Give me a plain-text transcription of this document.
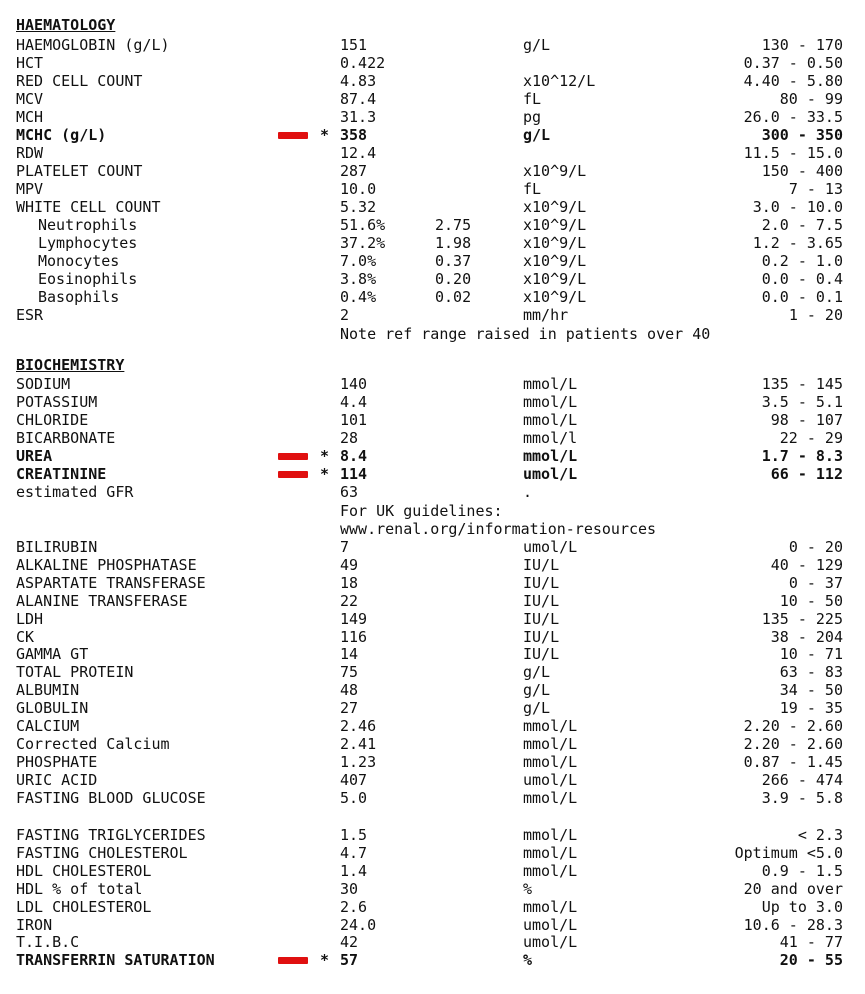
HAEMATOLOGY
BIOCHEMISTRY
Note ref range raised in patients over 40
For UK guidelines:
www.renal.org/information-resources
HAEMOGLOBIN (g/L)	151	g/L	130 - 170
HCT	0.422	0.37 - 0.50
RED CELL COUNT	4.83	x10^12/L	4.40 - 5.80
MCV	87.4	fL	80 - 99
MCH	31.3	pg	26.0 - 33.5
MCHC (g/L)	* 358	g/L	300 - 350
RDW	12.4	11.5 - 15.0
PLATELET COUNT	287	x10^9/L	150 - 400
MPV	10.0	fL	7 - 13
WHITE CELL COUNT	5.32	x10^9/L	3.0 - 10.0
Neutrophils	51.6%	2.75	x10^9/L	2.0 - 7.5
Lymphocytes	37.2%	1.98	x10^9/L	1.2 - 3.65
Monocytes	7.0%	0.37	x10^9/L	0.2 - 1.0
Eosinophils	3.8%	0.20	x10^9/L	0.0 - 0.4
Basophils	0.4%	0.02	x10^9/L	0.0 - 0.1
ESR	2	mm/hr	1 - 20
SODIUM	140	mmol/L	135 - 145
POTASSIUM	4.4	mmol/L	3.5 - 5.1
CHLORIDE	101	mmol/L	98 - 107
BICARBONATE	28	mmol/l	22 - 29
UREA	* 8.4	mmol/L	1.7 - 8.3
CREATININE	* 114	umol/L	66 - 112
estimated GFR	63	.
BILIRUBIN	7	umol/L	0 - 20
ALKALINE PHOSPHATASE	49	IU/L	40 - 129
ASPARTATE TRANSFERASE	18	IU/L	0 - 37
ALANINE TRANSFERASE	22	IU/L	10 - 50
LDH	149	IU/L	135 - 225
CK	116	IU/L	38 - 204
GAMMA GT	14	IU/L	10 - 71
TOTAL PROTEIN	75	g/L	63 - 83
ALBUMIN	48	g/L	34 - 50
GLOBULIN	27	g/L	19 - 35
CALCIUM	2.46	mmol/L	2.20 - 2.60
Corrected Calcium	2.41	mmol/L	2.20 - 2.60
PHOSPHATE	1.23	mmol/L	0.87 - 1.45
URIC ACID	407	umol/L	266 - 474
FASTING BLOOD GLUCOSE	5.0	mmol/L	3.9 - 5.8
FASTING TRIGLYCERIDES	1.5	mmol/L	< 2.3
FASTING CHOLESTEROL	4.7	mmol/L	Optimum <5.0
HDL CHOLESTEROL	1.4	mmol/L	0.9 - 1.5
HDL % of total	30	%	20 and over
LDL CHOLESTEROL	2.6	mmol/L	Up to 3.0
IRON	24.0	umol/L	10.6 - 28.3
T.I.B.C	42	umol/L	41 - 77
TRANSFERRIN SATURATION	* 57	%	20 - 55
